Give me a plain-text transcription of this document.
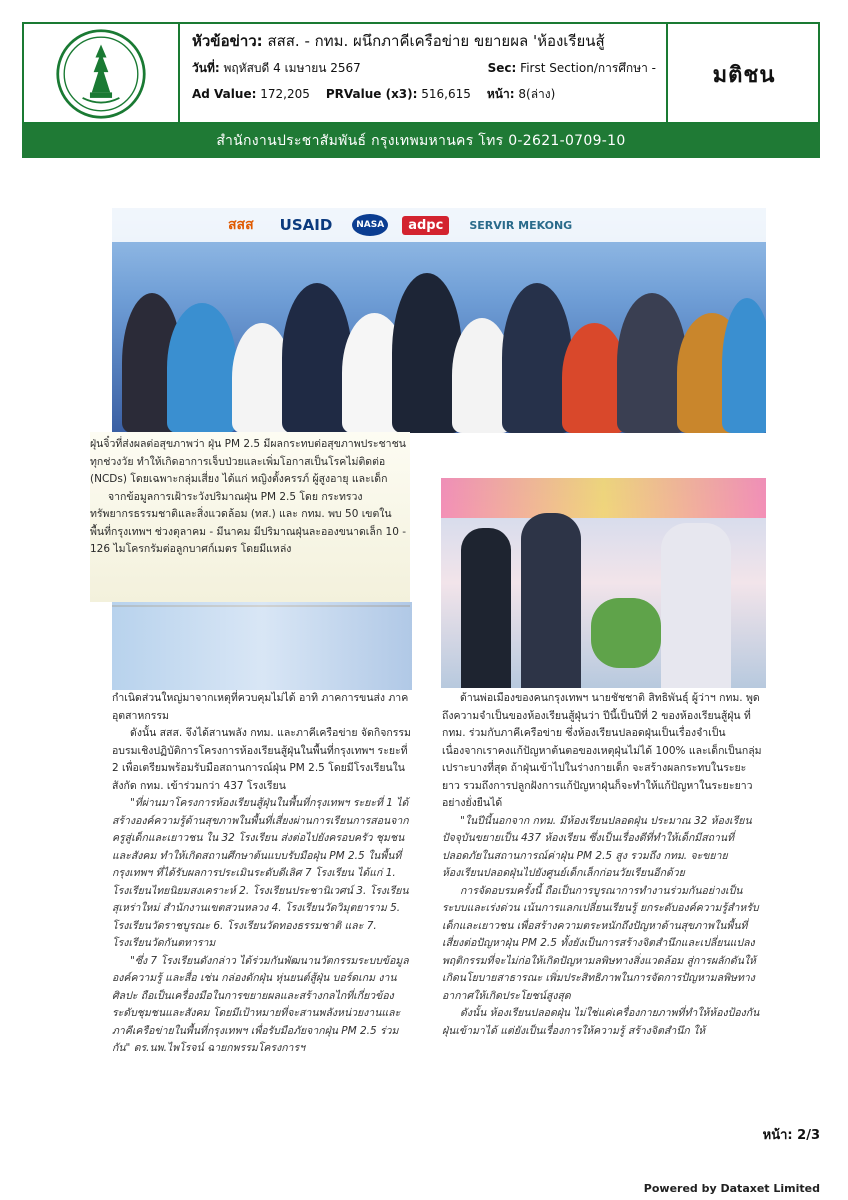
หัวข้อข่าว: สสส. - กทม. ผนึกภาคีเครือข่าย ขยายผล 'ห้องเรียนสู้
วันที่: พฤหัสบดี 4 เมษายน 2567	Sec: First Section/การศึกษา -
Ad Value: 172,205 PRValue (x3): 516,615 หน้า: 8(ล่าง)
มติชน
สำนักงานประชาสัมพันธ์ กรุงเทพมหานคร โทร 0-2621-0709-10
สสส	USAID	NASA	adpc	SERVIR MEKONG

ฝุ่นจิ๋วที่ส่งผลต่อสุขภาพว่า ฝุ่น PM 2.5 มีผลกระทบต่อสุขภาพประชาชนทุกช่วงวัย ทำให้เกิดอาการเจ็บป่วยและเพิ่มโอกาสเป็นโรคไม่ติดต่อ (NCDs) โดยเฉพาะกลุ่มเสี่ยง ได้แก่ หญิงตั้งครรภ์ ผู้สูงอายุ และเด็ก

จากข้อมูลการเฝ้าระวังปริมาณฝุ่น PM 2.5 โดย กระทรวงทรัพยากรธรรมชาติและสิ่งแวดล้อม (ทส.) และ กทม. พบ 50 เขตในพื้นที่กรุงเทพฯ ช่วงตุลาคม - มีนาคม มีปริมาณฝุ่นละอองขนาดเล็ก 10 - 126 ไมโครกรัมต่อลูกบาศก์เมตร โดยมีแหล่ง

กำเนิดส่วนใหญ่มาจากเหตุที่ควบคุมไม่ได้ อาทิ ภาคการขนส่ง ภาคอุตสาหกรรม

ดังนั้น สสส. จึงได้สานพลัง กทม. และภาคีเครือข่าย จัดกิจกรรมอบรมเชิงปฏิบัติการโครงการห้องเรียนสู้ฝุ่นในพื้นที่กรุงเทพฯ ระยะที่ 2 เพื่อเตรียมพร้อมรับมือสถานการณ์ฝุ่น PM 2.5 โดยมีโรงเรียนในสังกัด กทม. เข้าร่วมกว่า 437 โรงเรียน

"ที่ผ่านมาโครงการห้องเรียนสู้ฝุ่นในพื้นที่กรุงเทพฯ ระยะที่ 1 ได้สร้างองค์ความรู้ด้านสุขภาพในพื้นที่เสี่ยงผ่านการเรียนการสอนจากครูสู่เด็กและเยาวชน ใน 32 โรงเรียน ส่งต่อไปยังครอบครัว ชุมชน และสังคม ทำให้เกิดสถานศึกษาต้นแบบรับมือฝุ่น PM 2.5 ในพื้นที่กรุงเทพฯ ที่ได้รับผลการประเมินระดับดีเลิศ 7 โรงเรียน ได้แก่ 1. โรงเรียนไทยนิยมสงเคราะห์ 2. โรงเรียนประชานิเวศน์ 3. โรงเรียนสุเหร่าใหม่ สำนักงานเขตสวนหลวง 4. โรงเรียนวัดวิมุตยาราม 5. โรงเรียนวัดราชบูรณะ 6. โรงเรียนวัดทองธรรมชาติ และ 7. โรงเรียนวัดกันตทาราม

"ซึ่ง 7 โรงเรียนดังกล่าว ได้ร่วมกันพัฒนานวัตกรรมระบบข้อมูล องค์ความรู้ และสื่อ เช่น กล่องดักฝุ่น หุ่นยนต์สู้ฝุ่น บอร์ดเกม งานศิลปะ ถือเป็นเครื่องมือในการขยายผลและสร้างกลไกที่เกี่ยวข้องระดับชุมชนและสังคม โดยมีเป้าหมายที่จะสานพลังหน่วยงานและภาคีเครือข่ายในพื้นที่กรุงเทพฯ เพื่อรับมือภัยจากฝุ่น PM 2.5 ร่วมกัน" ดร.นพ.ไพโรจน์ ฉายกพรรมโครงการฯ

ด้านพ่อเมืองของคนกรุงเทพฯ นายชัชชาติ สิทธิพันธุ์ ผู้ว่าฯ กทม. พูดถึงความจำเป็นของห้องเรียนสู้ฝุ่นว่า ปีนี้เป็นปีที่ 2 ของห้องเรียนสู้ฝุ่น ที่ กทม. ร่วมกับภาคีเครือข่าย ซึ่งห้องเรียนปลอดฝุ่นเป็นเรื่องจำเป็น เนื่องจากเราคงแก้ปัญหาต้นตอของเหตุฝุ่นไม่ได้ 100% และเด็กเป็นกลุ่มเปราะบางที่สุด ถ้าฝุ่นเข้าไปในร่างกายเด็ก จะสร้างผลกระทบในระยะยาว รวมถึงการปลูกฝังการแก้ปัญหาฝุ่นก็จะทำให้แก้ปัญหาในระยะยาวอย่างยั่งยืนได้

"ในปีนี้นอกจาก กทม. มีห้องเรียนปลอดฝุ่น ประมาณ 32 ห้องเรียน ปัจจุบันขยายเป็น 437 ห้องเรียน ซึ่งเป็นเรื่องดีที่ทำให้เด็กมีสถานที่ปลอดภัยในสถานการณ์ค่าฝุ่น PM 2.5 สูง รวมถึง กทม. จะขยายห้องเรียนปลอดฝุ่นไปยังศูนย์เด็กเล็กก่อนวัยเรียนอีกด้วย

การจัดอบรมครั้งนี้ ถือเป็นการบูรณาการทำงานร่วมกันอย่างเป็นระบบและเร่งด่วน เน้นการแลกเปลี่ยนเรียนรู้ ยกระดับองค์ความรู้สำหรับเด็กและเยาวชน เพื่อสร้างความตระหนักถึงปัญหาด้านสุขภาพในพื้นที่เสี่ยงต่อปัญหาฝุ่น PM 2.5 ทั้งยังเป็นการสร้างจิตสำนึกและเปลี่ยนแปลงพฤติกรรมที่จะไม่ก่อให้เกิดปัญหามลพิษทางสิ่งแวดล้อม สู่การผลักดันให้เกิดนโยบายสาธารณะ เพิ่มประสิทธิภาพในการจัดการปัญหามลพิษทางอากาศให้เกิดประโยชน์สูงสุด

ดังนั้น ห้องเรียนปลอดฝุ่น ไม่ใช่แค่เครื่องกายภาพที่ทำให้ห้องป้องกันฝุ่นเข้ามาได้ แต่ยังเป็นเรื่องการให้ความรู้ สร้างจิตสำนึก ให้

หน้า: 2/3
Powered by Dataxet Limited
